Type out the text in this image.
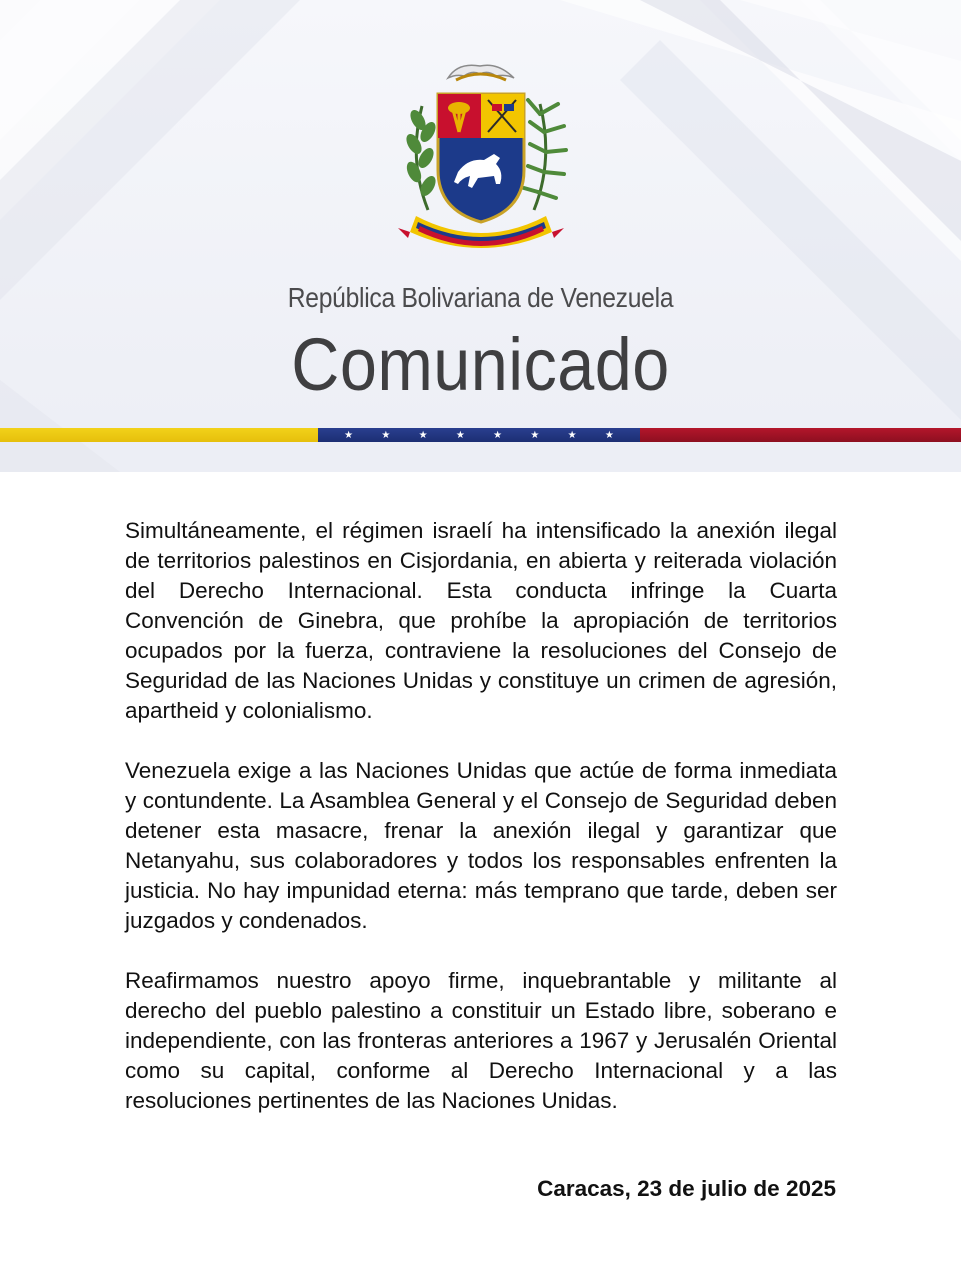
República Bolivariana de Venezuela
Comunicado
★	★	★	★	★	★	★	★

Simultáneamente, el régimen israelí ha intensificado la anexión ilegal de territorios palestinos en Cisjordania, en abierta y reiterada violación del Derecho Internacional. Esta conducta infringe la Cuarta Convención de Ginebra, que prohíbe la apropiación de territorios ocupados por la fuerza, contraviene la resoluciones del Consejo de Seguridad de las Naciones Unidas y constituye un crimen de agresión, apartheid y colonialismo.

Venezuela exige a las Naciones Unidas que actúe de forma inmediata y contundente. La Asamblea General y el Consejo de Seguridad deben detener esta masacre, frenar la anexión ilegal y garantizar que Netanyahu, sus colaboradores y todos los responsables enfrenten la justicia. No hay impunidad eterna: más temprano que tarde, deben ser juzgados y condenados.

Reafirmamos nuestro apoyo firme, inquebrantable y militante al derecho del pueblo palestino a constituir un Estado libre, soberano e independiente, con las fronteras anteriores a 1967 y Jerusalén Oriental como su capital, conforme al Derecho Internacional y a las resoluciones pertinentes de las Naciones Unidas.

Caracas, 23 de julio de 2025
